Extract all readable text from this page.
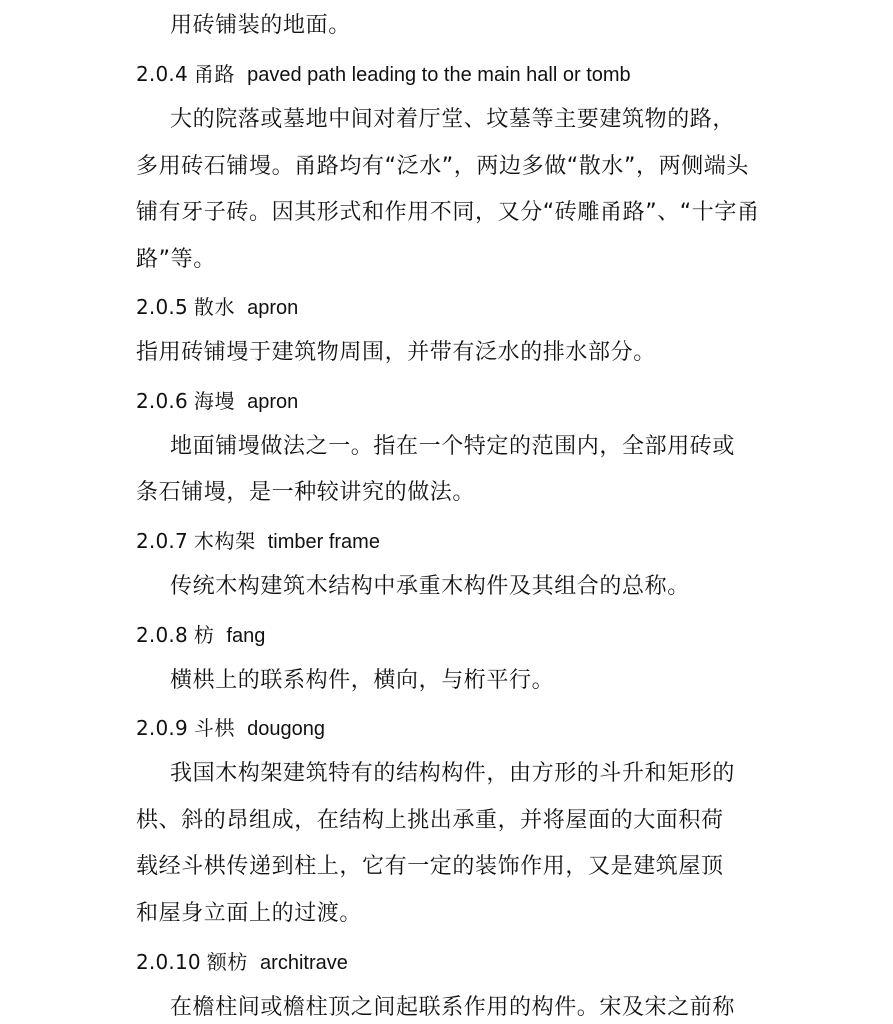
用砖铺装的地面。
2.0.4 甬路 paved path leading to the main hall or tomb
大的院落或墓地中间对着厅堂、坟墓等主要建筑物的路，
多用砖石铺墁。甬路均有“泛水”，两边多做“散水”，两侧端头
铺有牙子砖。因其形式和作用不同，又分“砖雕甬路”、“十字甬
路”等。
2.0.5 散水 apron
指用砖铺墁于建筑物周围，并带有泛水的排水部分。
2.0.6 海墁 apron
地面铺墁做法之一。指在一个特定的范围内，全部用砖或
条石铺墁，是一种较讲究的做法。
2.0.7 木构架 timber frame
传统木构建筑木结构中承重木构件及其组合的总称。
2.0.8 枋 fang
横栱上的联系构件，横向，与桁平行。
2.0.9 斗栱 dougong
我国木构架建筑特有的结构构件，由方形的斗升和矩形的
栱、斜的昂组成，在结构上挑出承重，并将屋面的大面积荷
载经斗栱传递到柱上，它有一定的装饰作用，又是建筑屋顶
和屋身立面上的过渡。
2.0.10 额枋 architrave
在檐柱间或檐柱顶之间起联系作用的构件。宋及宋之前称
